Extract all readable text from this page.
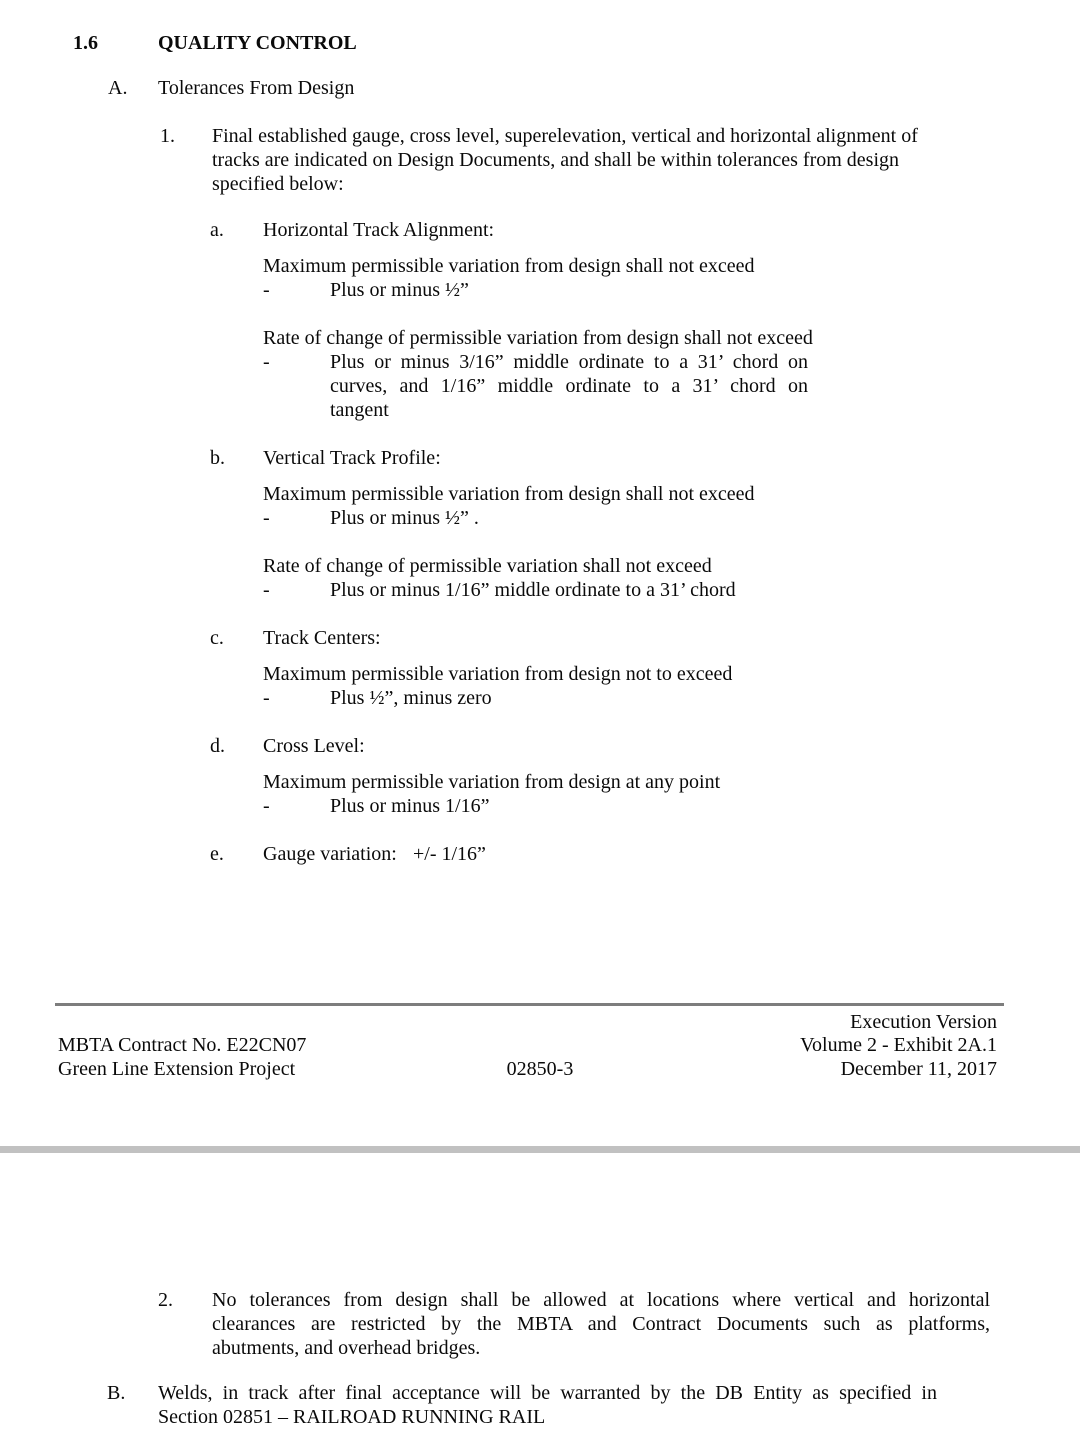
1.6	QUALITY CONTROL
A. Tolerances From Design
1. Final established gauge, cross level, superelevation, vertical and horizontal alignment of
tracks are indicated on Design Documents, and shall be within tolerances from design
specified below:
a. Horizontal Track Alignment:
Maximum permissible variation from design shall not exceed
-	Plus or minus ½”
Rate of change of permissible variation from design shall not exceed
-	Plus or minus 3/16” middle ordinate to a 31’ chord on
curves, and 1/16” middle ordinate to a 31’ chord on
tangent
b. Vertical Track Profile:
Maximum permissible variation from design shall not exceed
-	Plus or minus ½” .
Rate of change of permissible variation shall not exceed
-	Plus or minus 1/16” middle ordinate to a 31’ chord
c. Track Centers:
Maximum permissible variation from design not to exceed
-	Plus ½”, minus zero
d. Cross Level:
Maximum permissible variation from design at any point
-	Plus or minus 1/16”
e. Gauge variation: +/- 1/16”
Execution Version
MBTA Contract No. E22CN07	Volume 2 - Exhibit 2A.1
Green Line Extension Project	02850-3	December 11, 2017
2. No tolerances from design shall be allowed at locations where vertical and horizontal
clearances are restricted by the MBTA and Contract Documents such as platforms,
abutments, and overhead bridges.
B. Welds, in track after final acceptance will be warranted by the DB Entity as specified in
Section 02851 – RAILROAD RUNNING RAIL
